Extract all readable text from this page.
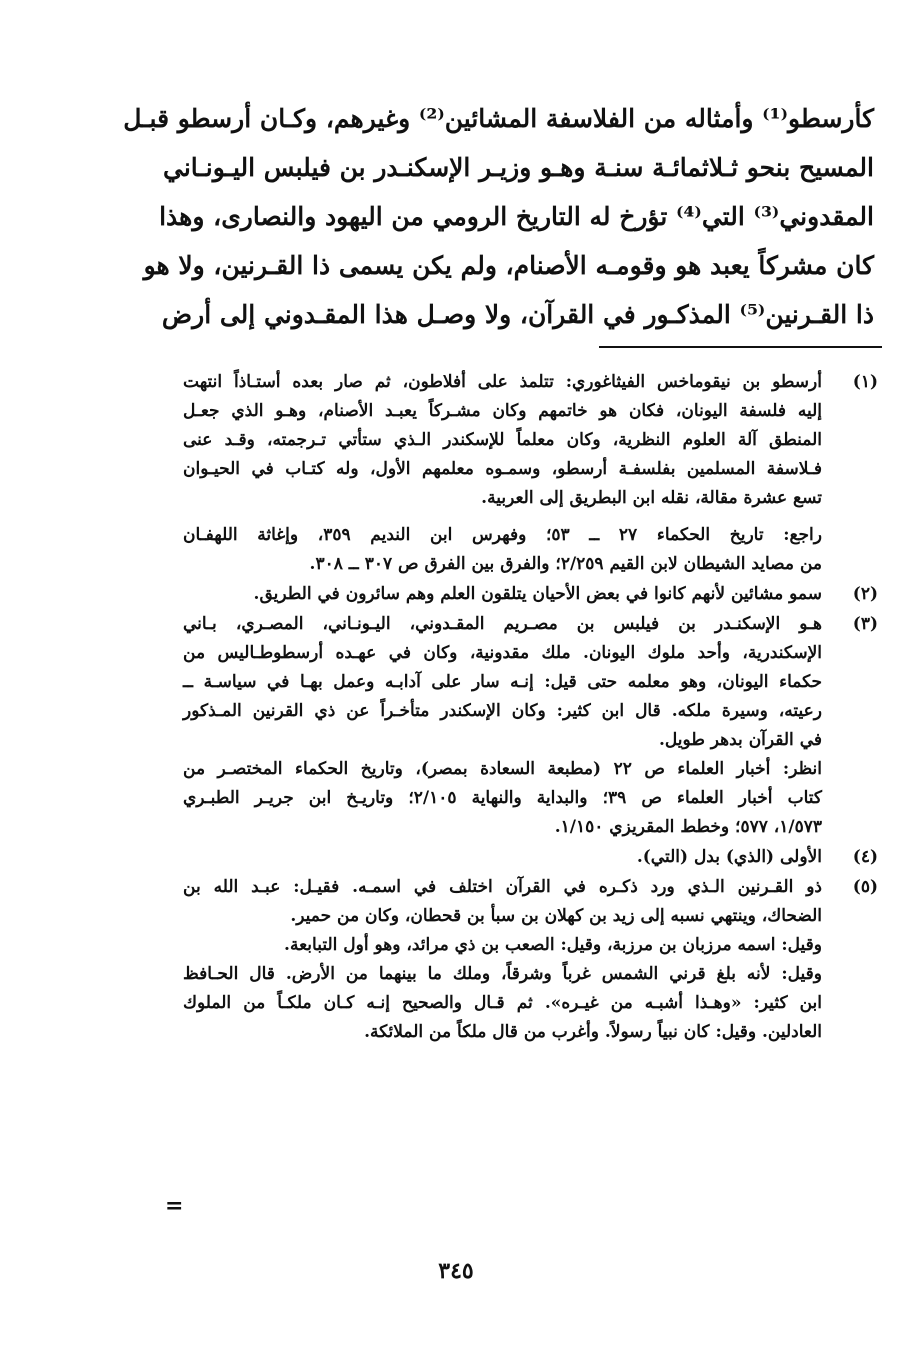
كأرسطو⁽¹⁾ وأمثاله من الفلاسفة المشائين⁽²⁾ وغيرهم، وكـان أرسطو قبـل
المسيح بنحو ثـلاثمائـة سنـة وهـو وزيـر الإسكنـدر بن فيلبس اليـونـاني
المقدوني⁽³⁾ التي⁽⁴⁾ تؤرخ له التاريخ الرومي من اليهود والنصارى، وهذا
كان مشركاً يعبد هو وقومـه الأصنام، ولم يكن يسمى ذا القـرنين، ولا هو
ذا القـرنين⁽⁵⁾ المذكـور في القرآن، ولا وصـل هذا المقـدوني إلى أرض
(١)
أرسطو بن نيقوماخس الفيثاغوري: تتلمذ على أفلاطون، ثم صار بعده أستـاذاً انتهت
إليه فلسفة اليونان، فكان هو خاتمهم وكان مشـركاً يعبـد الأصنام، وهـو الذي جعـل
المنطق آلة العلوم النظرية، وكان معلماً للإسكندر الـذي ستأتي تـرجمته، وقـد عنى
فـلاسفة المسلمين بفلسفـة أرسطو، وسمـوه معلمهم الأول، وله كتـاب في الحيـوان
تسع عشرة مقالة، نقله ابن البطريق إلى العربية.
راجع: تاريخ الحكماء ٢٧ ــ ٥٣؛ وفهرس ابن النديم ٣٥٩، وإغاثة اللهفـان
من مصايد الشيطان لابن القيم ٢/٢٥٩؛ والفرق بين الفرق ص ٣٠٧ ــ ٣٠٨.
(٢)
سمو مشائين لأنهم كانوا في بعض الأحيان يتلقون العلم وهم سائرون في الطريق.
(٣)
هـو الإسكنـدر بن فيلبس بن مصـريم المقـدوني، اليـونـاني، المصـري، بـاني
الإسكندرية، وأحد ملوك اليونان. ملك مقدونية، وكان في عهـده أرسطوطـاليس من
حكماء اليونان، وهو معلمه حتى قيل: إنـه سار على آدابـه وعمل بهـا في سياسـة ــ
رعيته، وسيرة ملكه. قال ابن كثير: وكان الإسكندر متأخـراً عن ذي القرنين المـذكور
في القرآن بدهر طويل.
انظر: أخبار العلماء ص ٢٢ (مطبعة السعادة بمصر)، وتاريخ الحكماء المختصـر من
كتاب أخبار العلماء ص ٣٩؛ والبداية والنهاية ٢/١٠٥؛ وتاريـخ ابن جريـر الطبـري
١/٥٧٣، ٥٧٧؛ وخطط المقريزي ١/١٥٠.
(٤)
الأولى (الذي) بدل (التي).
(٥)
ذو القـرنين الـذي ورد ذكـره في القرآن اختلف في اسمـه. فقيـل: عبـد الله بن
الضحاك، وينتهي نسبه إلى زيد بن كهلان بن سبأ بن قحطان، وكان من حمير.
وقيل: اسمه مرزبان بن مرزبة، وقيل: الصعب بن ذي مرائد، وهو أول التبابعة.
وقيل: لأنه بلغ قرني الشمس غرباً وشرقاً، وملك ما بينهما من الأرض. قال الحـافظ
ابن كثير: «وهـذا أشبـه من غيـره». ثم قـال والصحيح إنـه كـان ملكـاً من الملوك
العادلين. وقيل: كان نبياً رسولاً. وأغرب من قال ملكاً من الملائكة.
=
٣٤٥
